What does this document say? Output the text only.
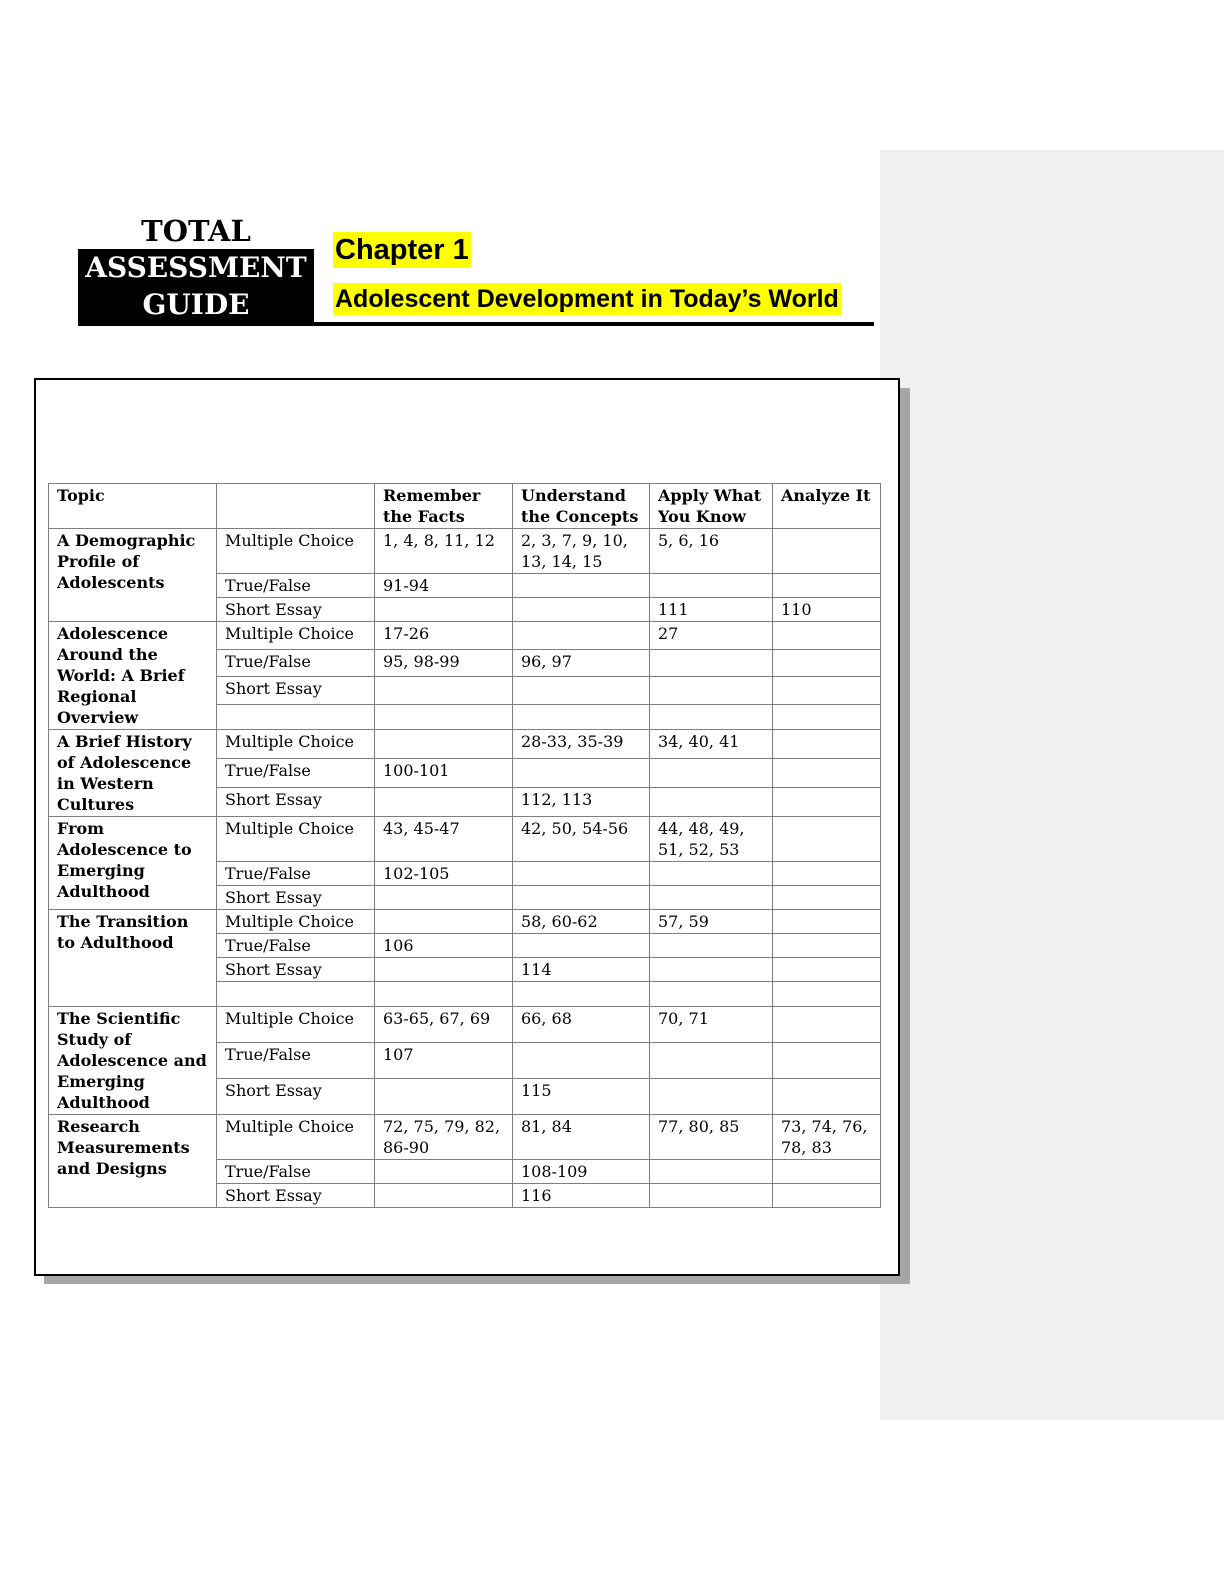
TOTAL
ASSESSMENT
GUIDE
Chapter 1
Adolescent Development in Today’s World
Topic		Remember the Facts	Understand the Concepts	Apply What You Know	Analyze It
A Demographic Profile of Adolescents	Multiple Choice	1, 4, 8, 11, 12	2, 3, 7, 9, 10, 13, 14, 15	5, 6, 16	
	True/False	91-94			
	Short Essay			111	110
Adolescence Around the World: A Brief Regional Overview	Multiple Choice	17-26		27	
	True/False	95, 98-99	96, 97		
	Short Essay				

A Brief History of Adolescence in Western Cultures	Multiple Choice		28-33, 35-39	34, 40, 41	
	True/False	100-101			
	Short Essay		112, 113		
From Adolescence to Emerging Adulthood	Multiple Choice	43, 45-47	42, 50, 54-56	44, 48, 49, 51, 52, 53	
	True/False	102-105			
	Short Essay				
The Transition to Adulthood	Multiple Choice		58, 60-62	57, 59	
	True/False	106			
	Short Essay		114		

The Scientific Study of Adolescence and Emerging Adulthood	Multiple Choice	63-65, 67, 69	66, 68	70, 71	
	True/False	107			
	Short Essay		115		
Research Measurements and Designs	Multiple Choice	72, 75, 79, 82, 86-90	81, 84	77, 80, 85	73, 74, 76, 78, 83
	True/False		108-109		
	Short Essay		116		
